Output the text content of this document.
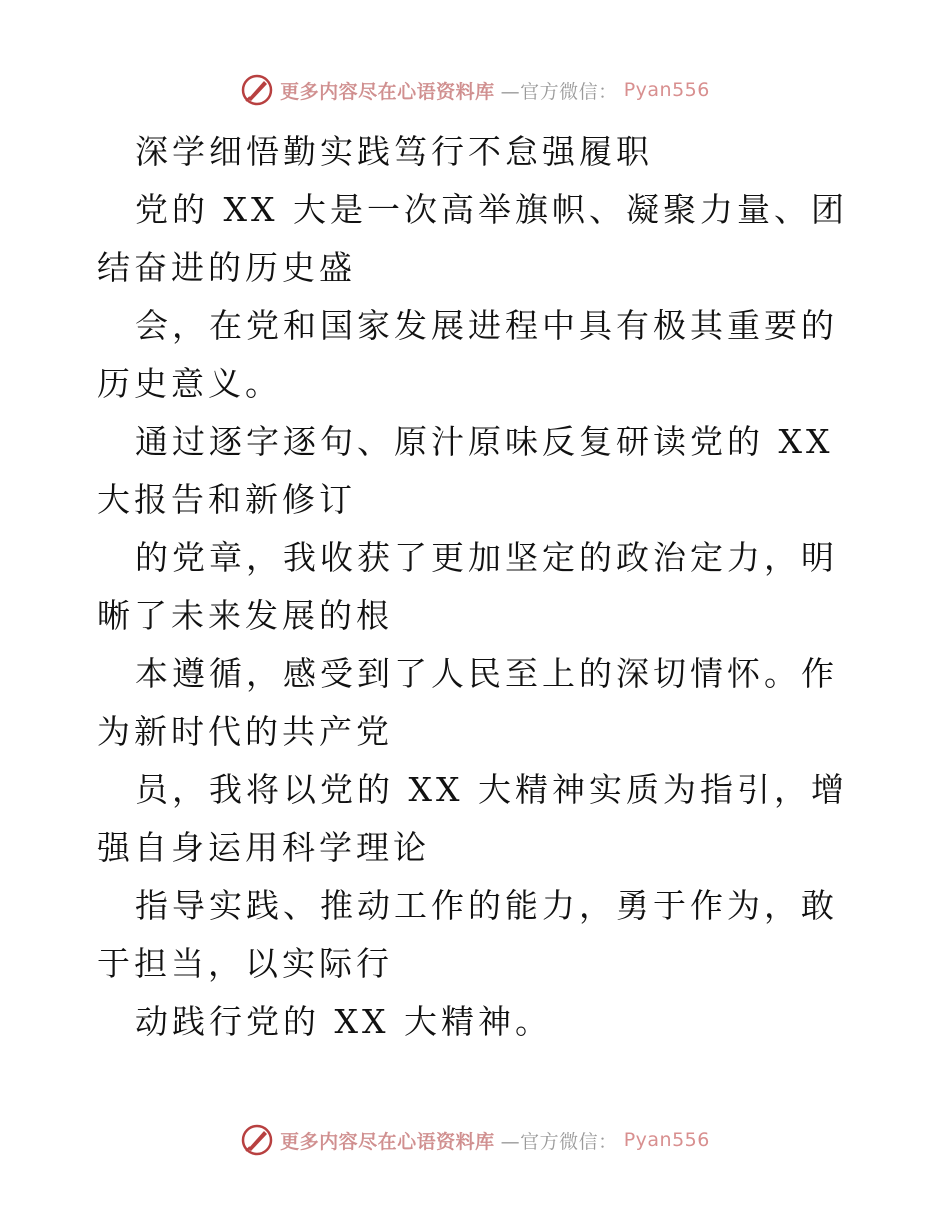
更多内容尽在心语资料库 —官方微信： Pyan556

深学细悟勤实践笃行不怠强履职

党的 XX 大是一次高举旗帜、凝聚力量、团结奋进的历史盛

会，在党和国家发展进程中具有极其重要的历史意义。

通过逐字逐句、原汁原味反复研读党的 XX 大报告和新修订

的党章，我收获了更加坚定的政治定力，明晰了未来发展的根

本遵循，感受到了人民至上的深切情怀。作为新时代的共产党

员，我将以党的 XX 大精神实质为指引，增强自身运用科学理论

指导实践、推动工作的能力，勇于作为，敢于担当，以实际行

动践行党的 XX 大精神。

更多内容尽在心语资料库 —官方微信： Pyan556
